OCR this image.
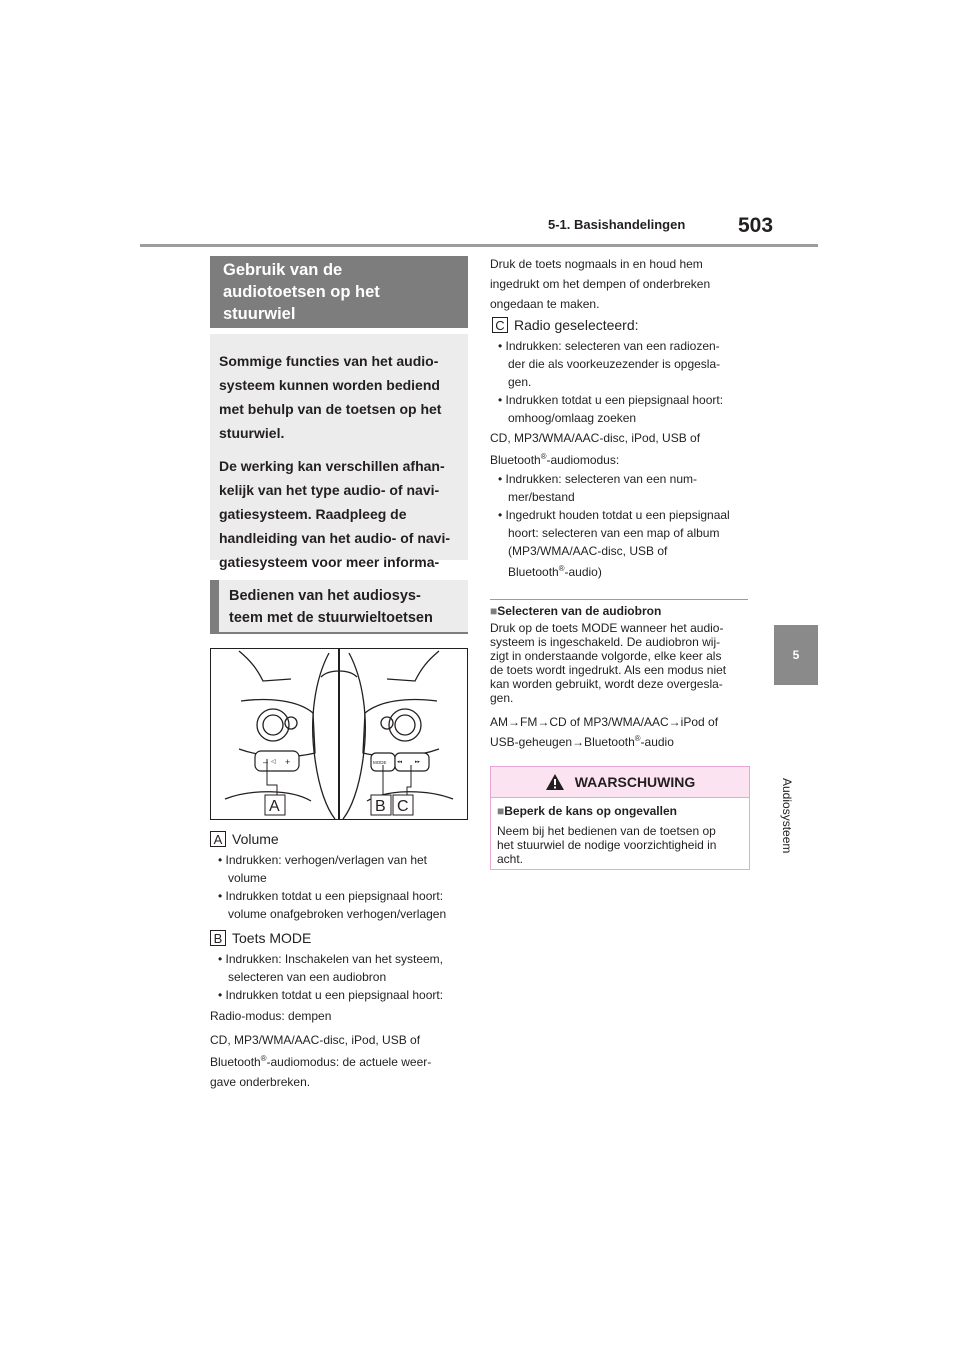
5-1. Basishandelingen	503
5
Audiosysteem
Gebruik van de
audiotoetsen op het
stuurwiel

Sommige functies van het audio-
systeem kunnen worden bediend
met behulp van de toetsen op het
stuurwiel.

De werking kan verschillen afhan-
kelijk van het type audio- of navi-
gatiesysteem. Raadpleeg de
handleiding van het audio- of navi-
gatiesysteem voor meer informa-

Bedienen van het audiosys-
teem met de stuurwieltoetsen
– ◁ +	MODE ◂◂	▸▸
A	B C
A Volume
• Indrukken: verhogen/verlagen van het
volume
• Indrukken totdat u een piepsignaal hoort:
volume onafgebroken verhogen/verlagen
B Toets MODE
• Indrukken: Inschakelen van het systeem,
selecteren van een audiobron
• Indrukken totdat u een piepsignaal hoort:

Radio-modus: dempen

CD, MP3/WMA/AAC-disc, iPod, USB of

Bluetooth®-audiomodus: de actuele weer-

gave onderbreken.

Druk de toets nogmaals in en houd hem

ingedrukt om het dempen of onderbreken

ongedaan te maken.

C Radio geselecteerd:
• Indrukken: selecteren van een radiozen-
der die als voorkeuzezender is opgesla-
gen.
• Indrukken totdat u een piepsignaal hoort:
omhoog/omlaag zoeken

CD, MP3/WMA/AAC-disc, iPod, USB of

Bluetooth®-audiomodus:

• Indrukken: selecteren van een num-
mer/bestand
• Ingedrukt houden totdat u een piepsignaal
hoort: selecteren van een map of album
(MP3/WMA/AAC-disc, USB of

Bluetooth®-audio)

■Selecteren van de audiobron

Druk op de toets MODE wanneer het audio-

systeem is ingeschakeld. De audiobron wij-

zigt in onderstaande volgorde, elke keer als

de toets wordt ingedrukt. Als een modus niet

kan worden gebruikt, wordt deze overgesla-

gen.

AM→FM→CD of MP3/WMA/AAC→iPod of

USB-geheugen→Bluetooth®-audio

WAARSCHUWING
■Beperk de kans op ongevallen

Neem bij het bedienen van de toetsen op

het stuurwiel de nodige voorzichtigheid in

acht.
